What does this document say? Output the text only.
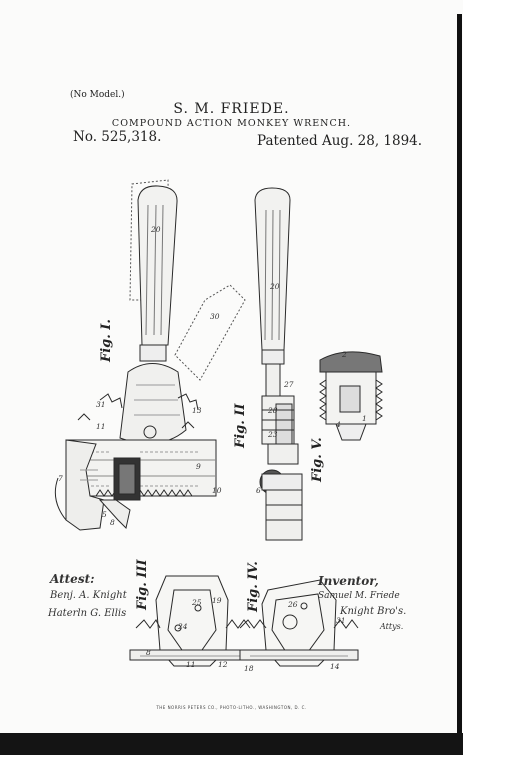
(No Model.)
S. M. FRIEDE.
COMPOUND ACTION MONKEY WRENCH.
No. 525,318.	Patented Aug. 28, 1894.
Fig. I.
Fig. II
Fig. V.
Fig. III	Fig. IV.
20
30
31
11
13
9
10
8
7
5
20
27
28
23
6
2
4
1
25
24
19
8
11	12
26
31
14
18
Attest:
Benj. A. Knight
Haterln G. Ellis
Inventor,
Samuel M. Friede
Knight Bro's.
Attys.
THE NORRIS PETERS CO., PHOTO-LITHO., WASHINGTON, D. C.
